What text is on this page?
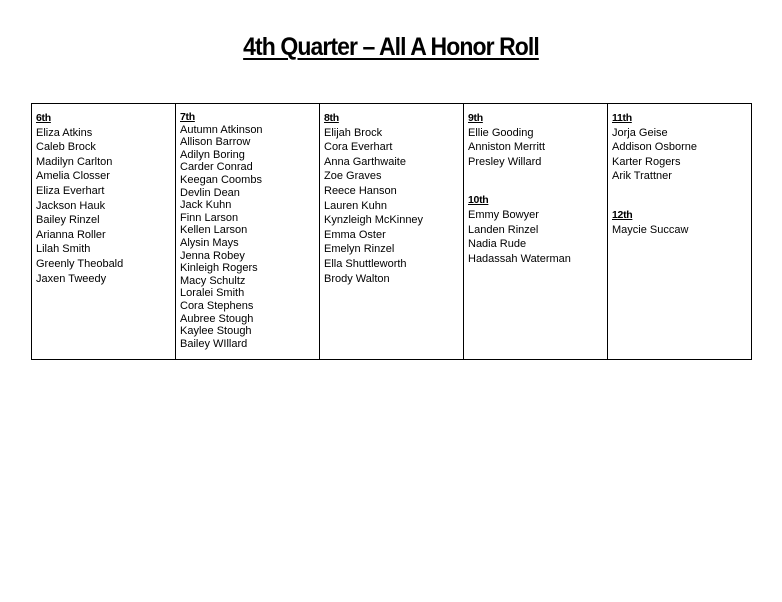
4th Quarter – All A Honor Roll
6th
Eliza Atkins
Caleb Brock
Madilyn Carlton
Amelia Closser
Eliza Everhart
Jackson Hauk
Bailey Rinzel
Arianna Roller
Lilah Smith
Greenly Theobald
Jaxen Tweedy

7th
Autumn Atkinson
Allison Barrow
Adilyn Boring
Carder Conrad
Keegan Coombs
Devlin Dean
Jack Kuhn
Finn Larson
Kellen Larson
Alysin Mays
Jenna Robey
Kinleigh Rogers
Macy Schultz
Loralei Smith
Cora Stephens
Aubree Stough
Kaylee Stough
Bailey WIllard

8th
Elijah Brock
Cora Everhart
Anna Garthwaite
Zoe Graves
Reece Hanson
Lauren Kuhn
Kynzleigh McKinney
Emma Oster
Emelyn Rinzel
Ella Shuttleworth
Brody Walton

9th
Ellie Gooding
Anniston Merritt
Presley Willard
10th
Emmy Bowyer
Landen Rinzel
Nadia Rude
Hadassah Waterman

11th
Jorja Geise
Addison Osborne
Karter Rogers
Arik Trattner
12th
Maycie Succaw
